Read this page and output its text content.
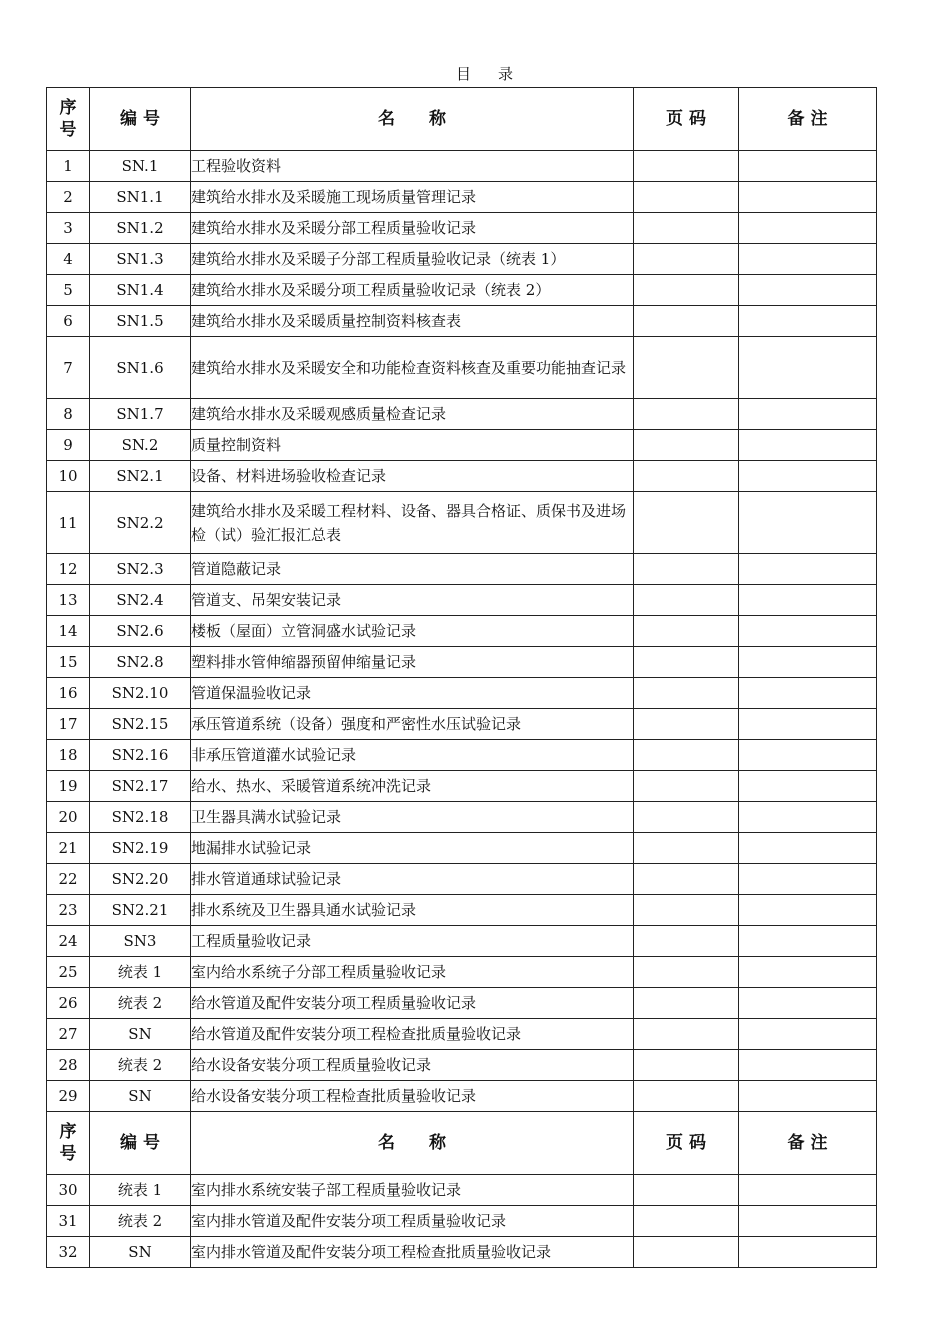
目　录
序号	编 号	名　　称	页 码	备 注
1	SN.1	工程验收资料		
2	SN1.1	建筑给水排水及采暖施工现场质量管理记录		
3	SN1.2	建筑给水排水及采暖分部工程质量验收记录		
4	SN1.3	建筑给水排水及采暖子分部工程质量验收记录（统表 1）		
5	SN1.4	建筑给水排水及采暖分项工程质量验收记录（统表 2）		
6	SN1.5	建筑给水排水及采暖质量控制资料核查表		
7	SN1.6	建筑给水排水及采暖安全和功能检查资料核查及重要功能抽查记录		
8	SN1.7	建筑给水排水及采暖观感质量检查记录		
9	SN.2	质量控制资料		
10	SN2.1	设备、材料进场验收检查记录		
11	SN2.2	建筑给水排水及采暖工程材料、设备、器具合格证、质保书及进场检（试）验汇报汇总表		
12	SN2.3	管道隐蔽记录		
13	SN2.4	管道支、吊架安装记录		
14	SN2.6	楼板（屋面）立管洞盛水试验记录		
15	SN2.8	塑料排水管伸缩器预留伸缩量记录		
16	SN2.10	管道保温验收记录		
17	SN2.15	承压管道系统（设备）强度和严密性水压试验记录		
18	SN2.16	非承压管道灌水试验记录		
19	SN2.17	给水、热水、采暖管道系统冲洗记录		
20	SN2.18	卫生器具满水试验记录		
21	SN2.19	地漏排水试验记录		
22	SN2.20	排水管道通球试验记录		
23	SN2.21	排水系统及卫生器具通水试验记录		
24	SN3	工程质量验收记录		
25	统表 1	室内给水系统子分部工程质量验收记录		
26	统表 2	给水管道及配件安装分项工程质量验收记录		
27	SN	给水管道及配件安装分项工程检查批质量验收记录		
28	统表 2	给水设备安装分项工程质量验收记录		
29	SN	给水设备安装分项工程检查批质量验收记录		
序号	编 号	名　　称	页 码	备 注
30	统表 1	室内排水系统安装子部工程质量验收记录		
31	统表 2	室内排水管道及配件安装分项工程质量验收记录		
32	SN	室内排水管道及配件安装分项工程检查批质量验收记录		
